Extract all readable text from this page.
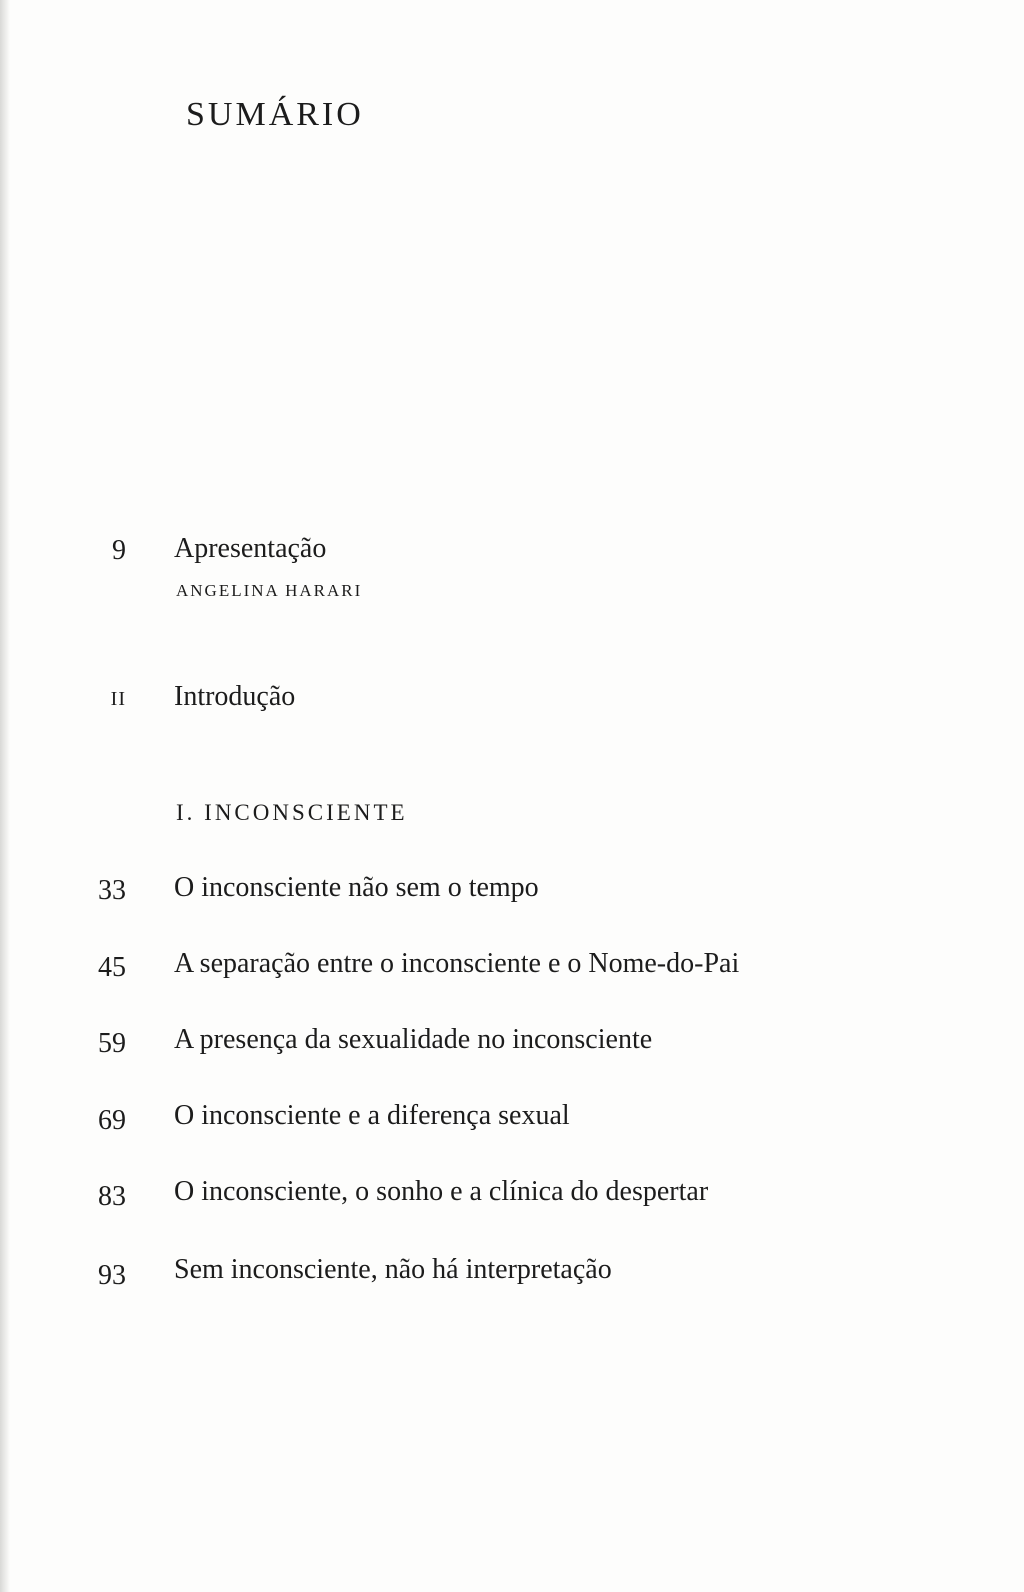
SUMÁRIO
9 Apresentação
ANGELINA HARARI
II Introdução
I. INCONSCIENTE
33 O inconsciente não sem o tempo
45 A separação entre o inconsciente e o Nome-do-Pai
59 A presença da sexualidade no inconsciente
69 O inconsciente e a diferença sexual
83 O inconsciente, o sonho e a clínica do despertar
93 Sem inconsciente, não há interpretação
